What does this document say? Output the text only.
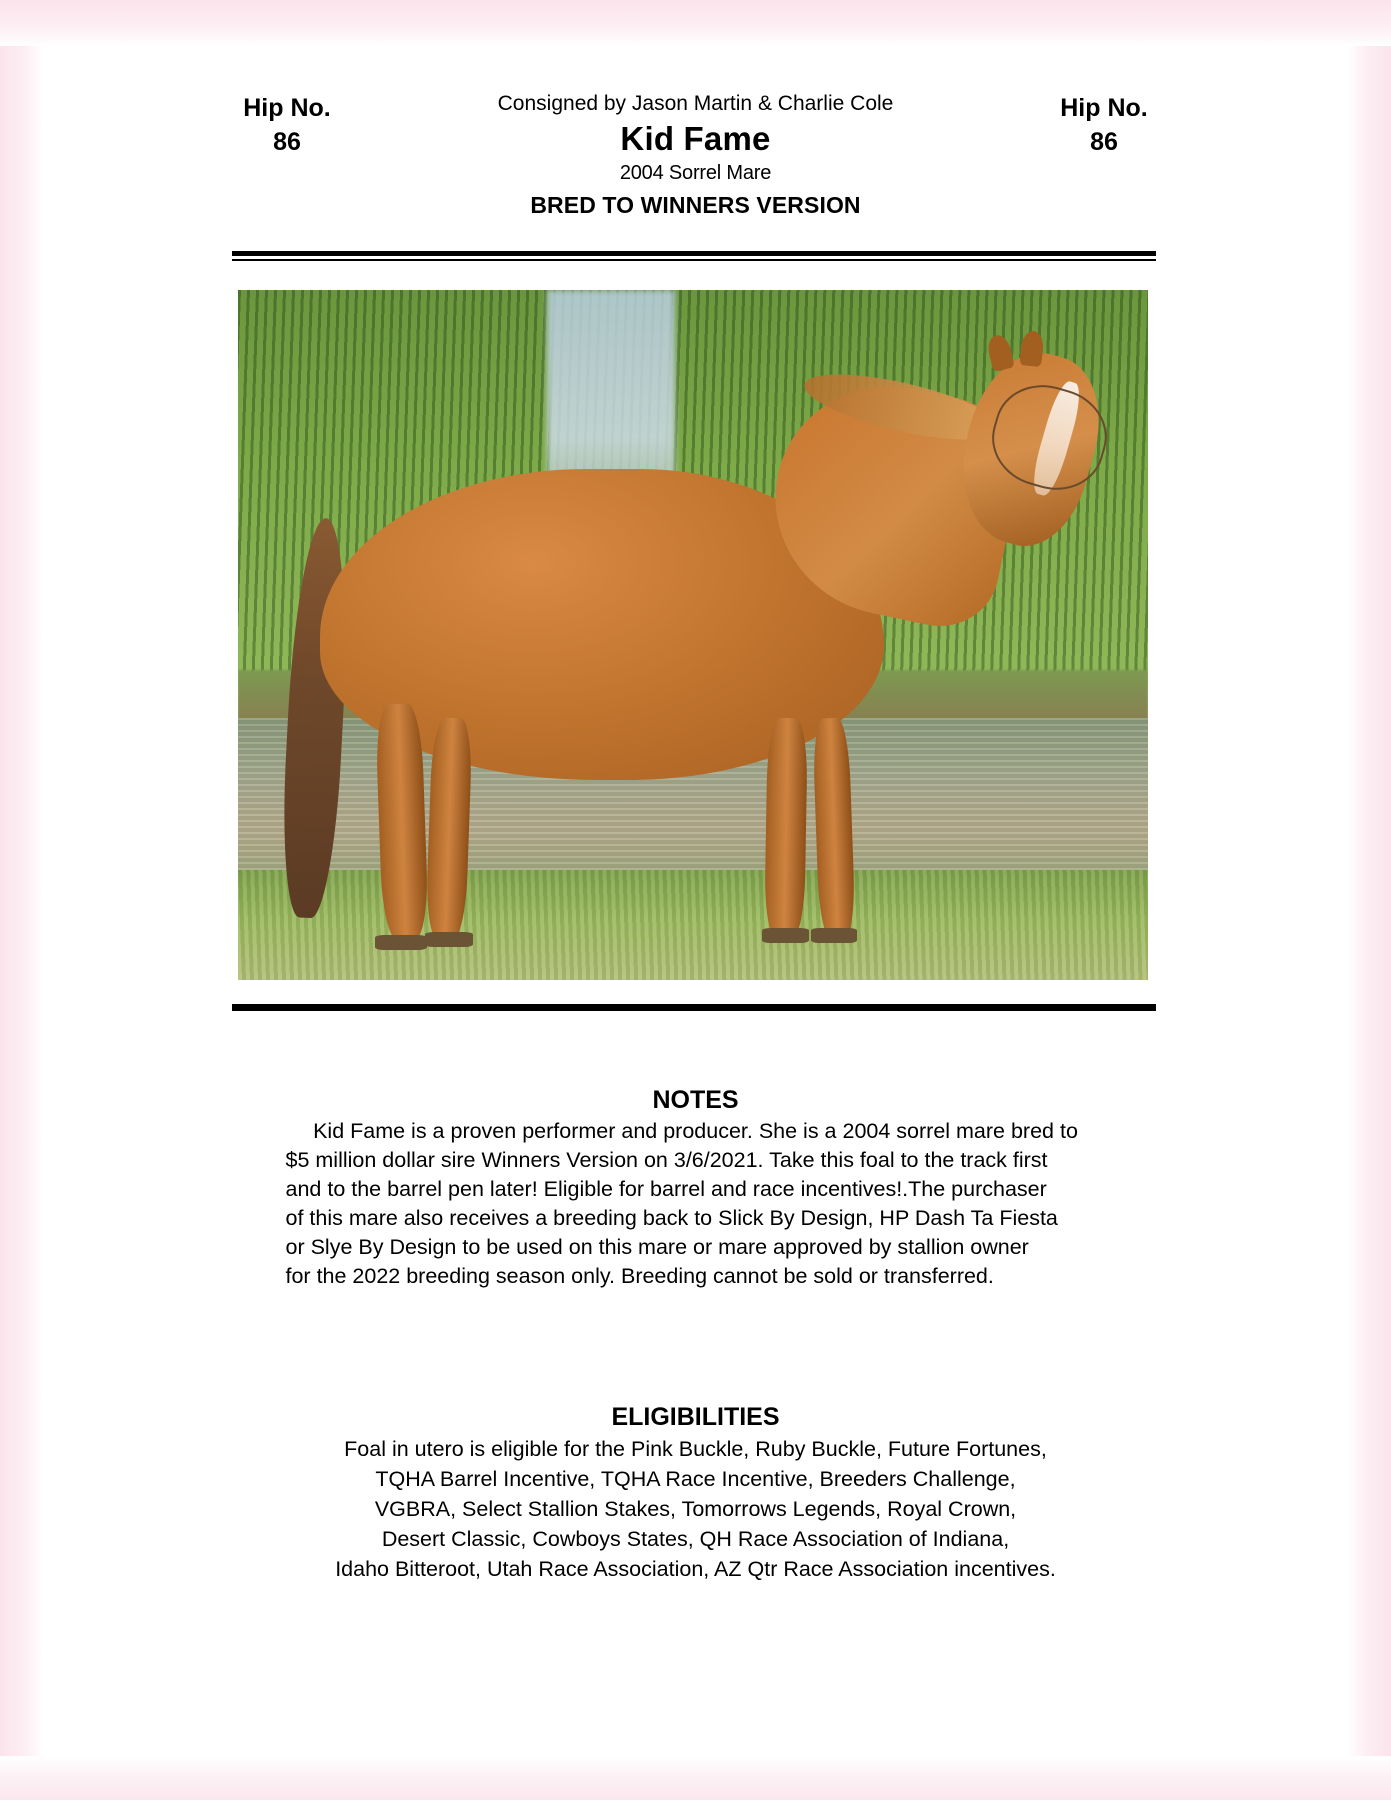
Hip No.
86
Consigned by Jason Martin & Charlie Cole
Kid Fame
2004 Sorrel Mare
BRED TO WINNERS VERSION
Hip No.
86
NOTES
Kid Fame is a proven performer and producer. She is a 2004 sorrel mare bred to
$5 million dollar sire Winners Version on 3/6/2021. Take this foal to the track first
and to the barrel pen later! Eligible for barrel and race incentives!.The purchaser
of this mare also receives a breeding back to Slick By Design, HP Dash Ta Fiesta
or Slye By Design to be used on this mare or mare approved by stallion owner
for the 2022 breeding season only. Breeding cannot be sold or transferred.
ELIGIBILITIES
Foal in utero is eligible for the Pink Buckle, Ruby Buckle, Future Fortunes,
TQHA Barrel Incentive, TQHA Race Incentive, Breeders Challenge,
VGBRA, Select Stallion Stakes, Tomorrows Legends, Royal Crown,
Desert Classic, Cowboys States, QH Race Association of Indiana,
Idaho Bitteroot, Utah Race Association, AZ Qtr Race Association incentives.
